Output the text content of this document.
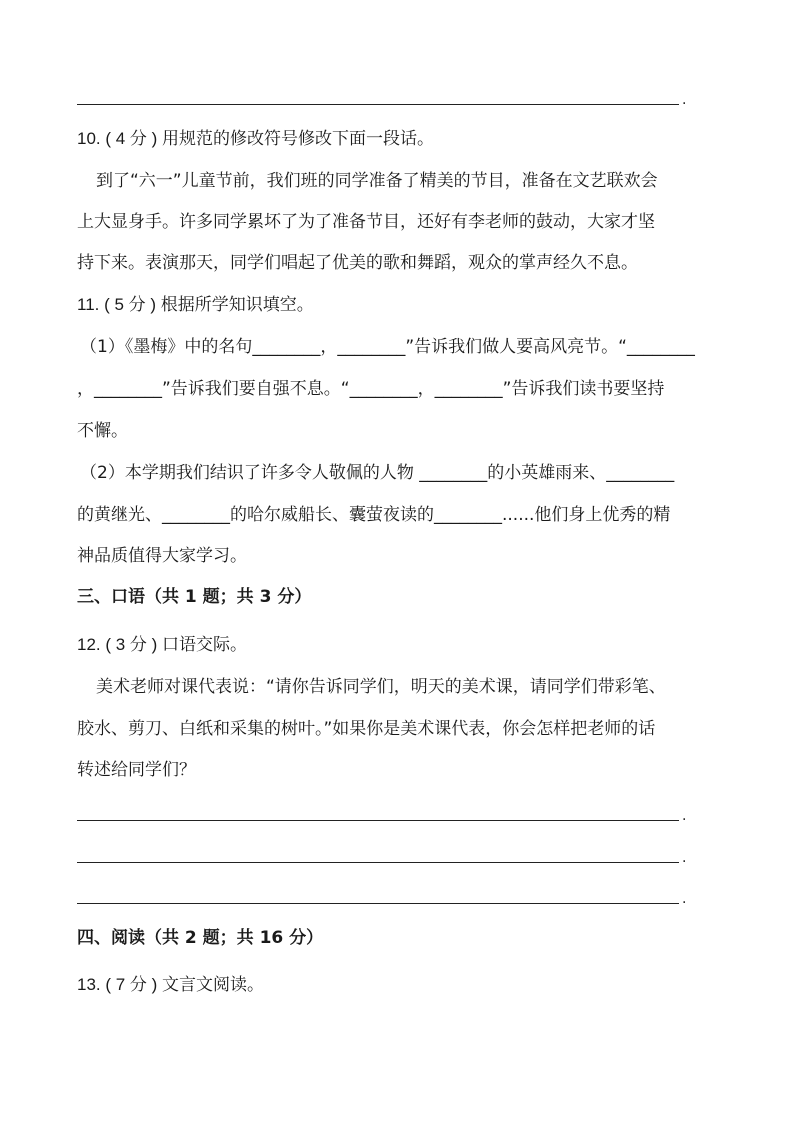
.
10. ( 4 分 ) 用规范的修改符号修改下面一段话。
到了“六一”儿童节前，我们班的同学准备了精美的节目，准备在文艺联欢会
上大显身手。许多同学累坏了为了准备节目，还好有李老师的鼓动，大家才坚
持下来。表演那天，同学们唱起了优美的歌和舞蹈，观众的掌声经久不息。
11. ( 5 分 ) 根据所学知识填空。
（1）《墨梅》中的名句________，________”告诉我们做人要高风亮节。“________
，________”告诉我们要自强不息。“________，________”告诉我们读书要坚持
不懈。
（2）本学期我们结识了许多令人敬佩的人物 ________的小英雄雨来、________
的黄继光、________的哈尔威船长、囊萤夜读的________......他们身上优秀的精
神品质值得大家学习。
三、口语（共 1 题；共 3 分）
12. ( 3 分 ) 口语交际。
美术老师对课代表说：“请你告诉同学们，明天的美术课，请同学们带彩笔、
胶水、剪刀、白纸和采集的树叶。”如果你是美术课代表，你会怎样把老师的话
转述给同学们？
.
.
.
四、阅读（共 2 题；共 16 分）
13. ( 7 分 ) 文言文阅读。
